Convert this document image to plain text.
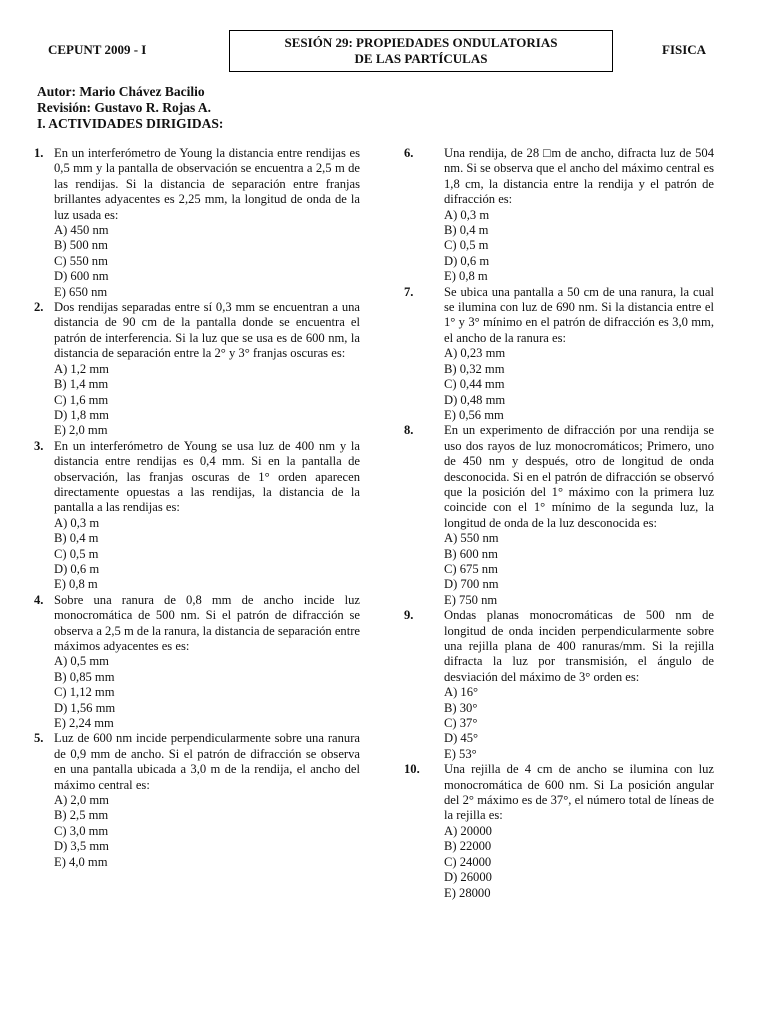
CEPUNT 2009 - I	SESIÓN 29: PROPIEDADES ONDULATORIAS
DE LAS PARTÍCULAS
FISICA
Autor: Mario Chávez Bacilio
Revisión: Gustavo R. Rojas A.
I. ACTIVIDADES DIRIGIDAS:
1. En un interferómetro de Young la distancia entre rendijas es 0,5 mm y la pantalla de observación se encuentra a 2,5 m de las rendijas. Si la distancia de separación entre franjas brillantes adyacentes es 2,25 mm, la longitud de onda de la luz usada es:
A) 450 nm
B) 500 nm
C) 550 nm
D) 600 nm
E) 650 nm
2. Dos rendijas separadas entre sí 0,3 mm se encuentran a una distancia de 90 cm de la pantalla donde se encuentra el patrón de interferencia. Si la luz que se usa es de 600 nm, la distancia de separación entre la 2° y 3° franjas oscuras es:
A) 1,2 mm
B) 1,4 mm
C) 1,6 mm
D) 1,8 mm
E) 2,0 mm
3. En un interferómetro de Young se usa luz de 400 nm y la distancia entre rendijas es 0,4 mm. Si en la pantalla de observación, las franjas oscuras de 1° orden aparecen directamente opuestas a las rendijas, la distancia de la pantalla a las rendijas es:
A) 0,3 m
B) 0,4 m
C) 0,5 m
D) 0,6 m
E) 0,8 m
4. Sobre una ranura de 0,8 mm de ancho incide luz monocromática de 500 nm. Si el patrón de difracción se observa a 2,5 m de la ranura, la distancia de separación entre máximos adyacentes es es:
A) 0,5 mm
B) 0,85 mm
C) 1,12 mm
D) 1,56 mm
E) 2,24 mm
5. Luz de 600 nm incide perpendicularmente sobre una ranura de 0,9 mm de ancho. Si el patrón de difracción se observa en una pantalla ubicada a 3,0 m de la rendija, el ancho del máximo central es:
A) 2,0 mm
B) 2,5 mm
C) 3,0 mm
D) 3,5 mm
E) 4,0 mm
6. Una rendija, de 28 □m de ancho, difracta luz de 504 nm. Si se observa que el ancho del máximo central es 1,8 cm, la distancia entre la rendija y el patrón de difracción es:
A) 0,3 m
B) 0,4 m
C) 0,5 m
D) 0,6 m
E) 0,8 m
7. Se ubica una pantalla a 50 cm de una ranura, la cual se ilumina con luz de 690 nm. Si la distancia entre el 1° y 3° mínimo en el patrón de difracción es 3,0 mm, el ancho de la ranura es:
A) 0,23 mm
B) 0,32 mm
C) 0,44 mm
D) 0,48 mm
E) 0,56 mm
8. En un experimento de difracción por una rendija se uso dos rayos de luz monocromáticos; Primero, uno de 450 nm y después, otro de longitud de onda desconocida. Si en el patrón de difracción se observó que la posición del 1° máximo con la primera luz coincide con el 1° mínimo de la segunda luz, la longitud de onda de la luz desconocida es:
A) 550 nm
B) 600 nm
C) 675 nm
D) 700 nm
E) 750 nm
9. Ondas planas monocromáticas de 500 nm de longitud de onda inciden perpendicularmente sobre una rejilla plana de 400 ranuras/mm. Si la rejilla difracta la luz por transmisión, el ángulo de desviación del máximo de 3° orden es:
A) 16°
B) 30°
C) 37°
D) 45°
E) 53°
10. Una rejilla de 4 cm de ancho se ilumina con luz monocromática de 600 nm. Si La posición angular del 2° máximo es de 37°, el número total de líneas de la rejilla es:
A) 20000
B) 22000
C) 24000
D) 26000
E) 28000
